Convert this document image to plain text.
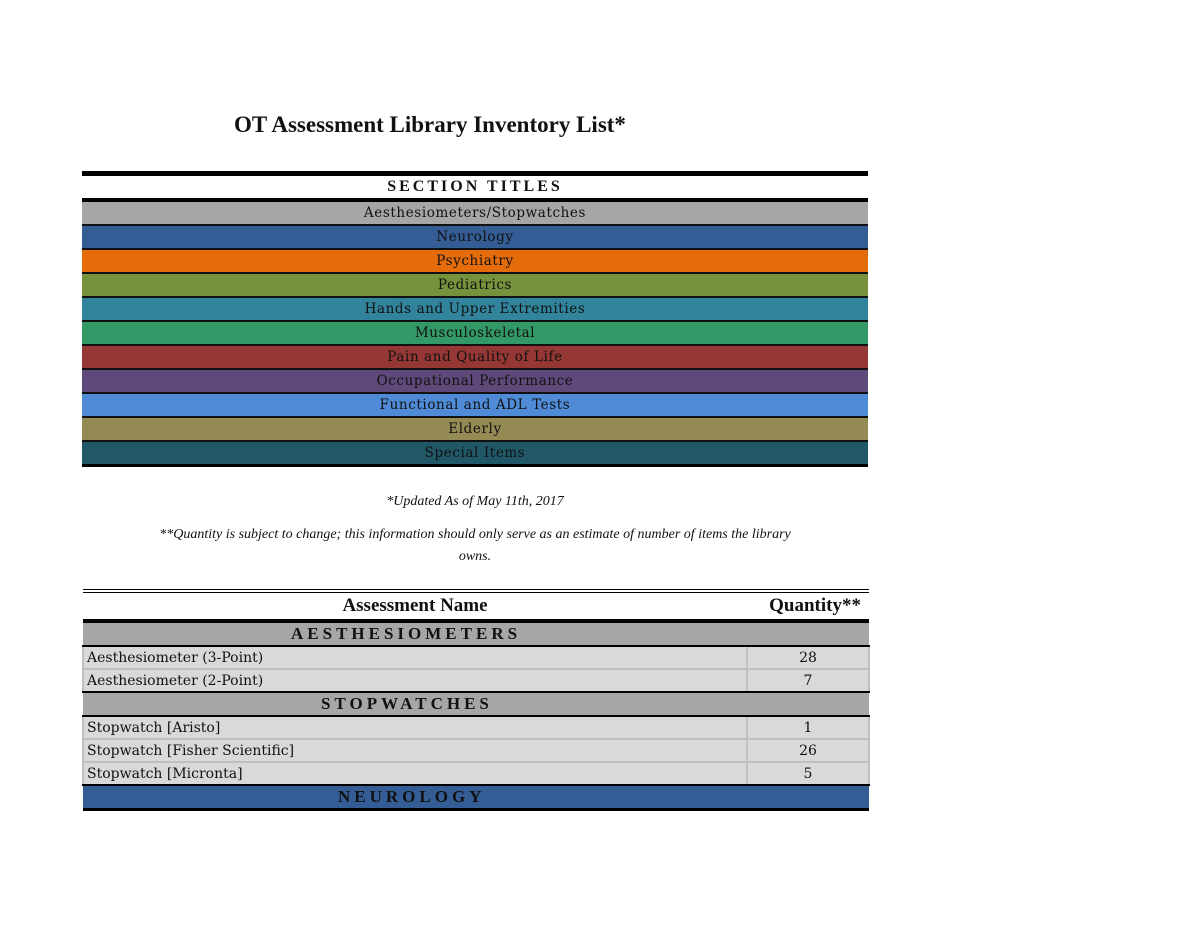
OT Assessment Library Inventory List*
SECTION TITLES
Aesthesiometers/Stopwatches
Neurology
Psychiatry
Pediatrics
Hands and Upper Extremities
Musculoskeletal
Pain and Quality of Life
Occupational Performance
Functional and ADL Tests
Elderly
Special Items
*Updated As of May 11th, 2017
**Quantity is subject to change; this information should only serve as an estimate of number of items the library
owns.
Assessment Name	Quantity**
AESTHESIOMETERS	
Aesthesiometer (3-Point)	28
Aesthesiometer (2-Point)	7
STOPWATCHES	
Stopwatch [Aristo]	1
Stopwatch [Fisher Scientific]	26
Stopwatch [Micronta]	5
NEUROLOGY	
